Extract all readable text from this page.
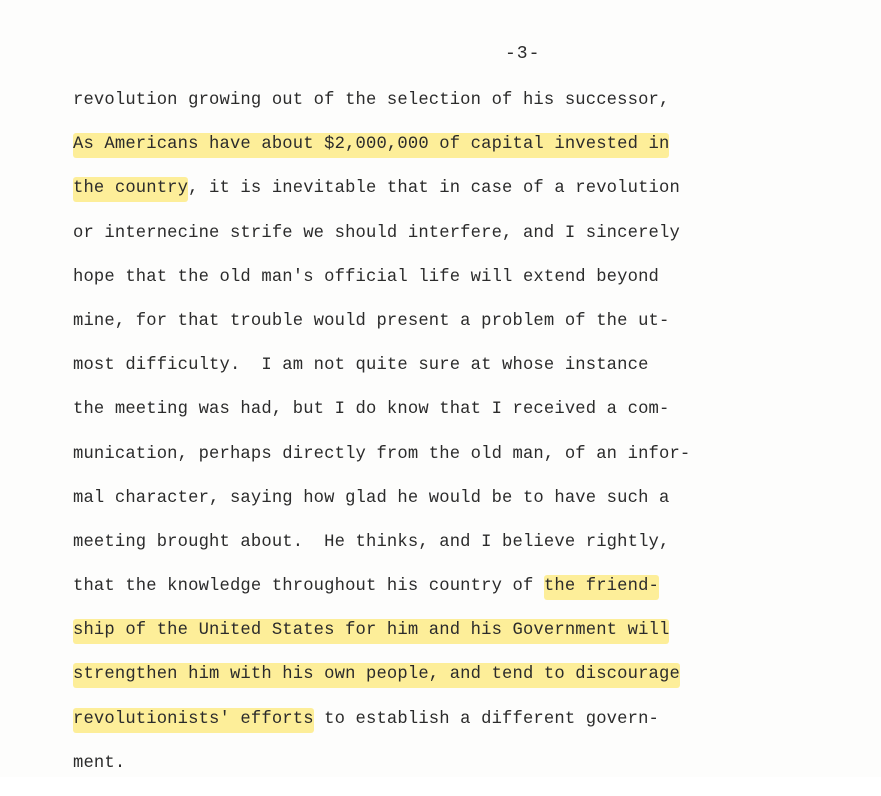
-3-
revolution growing out of the selection of his successor,
As Americans have about $2,000,000 of capital invested in
the country, it is inevitable that in case of a revolution
or internecine strife we should interfere, and I sincerely
hope that the old man's official life will extend beyond
mine, for that trouble would present a problem of the ut-
most difficulty.  I am not quite sure at whose instance
the meeting was had, but I do know that I received a com-
munication, perhaps directly from the old man, of an infor-
mal character, saying how glad he would be to have such a
meeting brought about.  He thinks, and I believe rightly,
that the knowledge throughout his country of the friend-
ship of the United States for him and his Government will
strengthen him with his own people, and tend to discourage
revolutionists' efforts to establish a different govern-
ment.
